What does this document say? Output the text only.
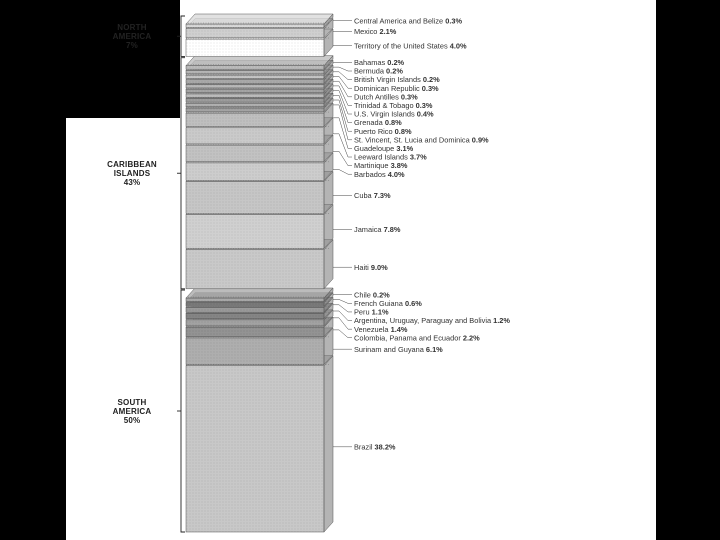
NORTH
AMERICA
7%
CARIBBEAN
ISLANDS
43%
SOUTH
AMERICA
50%
Central America and Belize 0.3%
Mexico 2.1%
Territory of the United States 4.0%
Bahamas 0.2%
Bermuda 0.2%
British Virgin Islands 0.2%
Dominican Republic 0.3%
Dutch Antilles 0.3%
Trinidad & Tobago 0.3%
U.S. Virgin Islands 0.4%
Grenada 0.8%
Puerto Rico 0.8%
St. Vincent, St. Lucia and Dominica 0.9%
Guadeloupe 3.1%
Leeward Islands 3.7%
Martinique 3.8%
Barbados 4.0%
Cuba 7.3%
Jamaica 7.8%
Haiti 9.0%
Chile 0.2%
French Guiana 0.6%
Peru 1.1%
Argentina, Uruguay, Paraguay and Bolivia 1.2%
Venezuela 1.4%
Colombia, Panama and Ecuador 2.2%
Surinam and Guyana 6.1%
Brazil 38.2%
